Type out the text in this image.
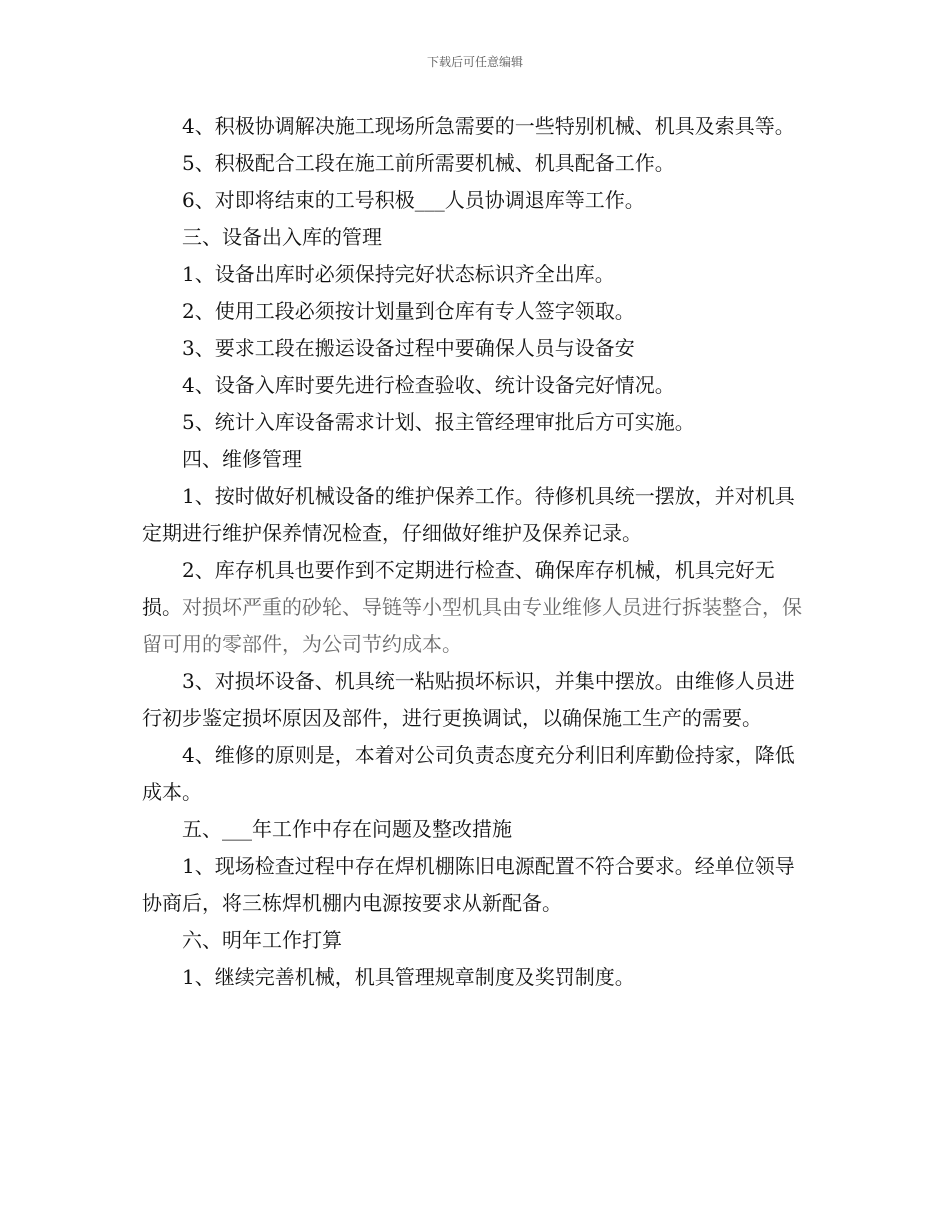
下载后可任意编辑

4、积极协调解决施工现场所急需要的一些特别机械、机具及索具等。

5、积极配合工段在施工前所需要机械、机具配备工作。

6、对即将结束的工号积极___人员协调退库等工作。

三、设备出入库的管理

1、设备出库时必须保持完好状态标识齐全出库。

2、使用工段必须按计划量到仓库有专人签字领取。

3、要求工段在搬运设备过程中要确保人员与设备安

4、设备入库时要先进行检查验收、统计设备完好情况。

5、统计入库设备需求计划、报主管经理审批后方可实施。

四、维修管理

1、按时做好机械设备的维护保养工作。待修机具统一摆放，并对机具定期进行维护保养情况检查，仔细做好维护及保养记录。

2、库存机具也要作到不定期进行检查、确保库存机械，机具完好无损。对损坏严重的砂轮、导链等小型机具由专业维修人员进行拆装整合，保留可用的零部件，为公司节约成本。

3、对损坏设备、机具统一粘贴损坏标识，并集中摆放。由维修人员进行初步鉴定损坏原因及部件，进行更换调试，以确保施工生产的需要。

4、维修的原则是，本着对公司负责态度充分利旧利库勤俭持家，降低成本。

五、___年工作中存在问题及整改措施

1、现场检查过程中存在焊机棚陈旧电源配置不符合要求。经单位领导协商后，将三栋焊机棚内电源按要求从新配备。

六、明年工作打算

1、继续完善机械，机具管理规章制度及奖罚制度。
